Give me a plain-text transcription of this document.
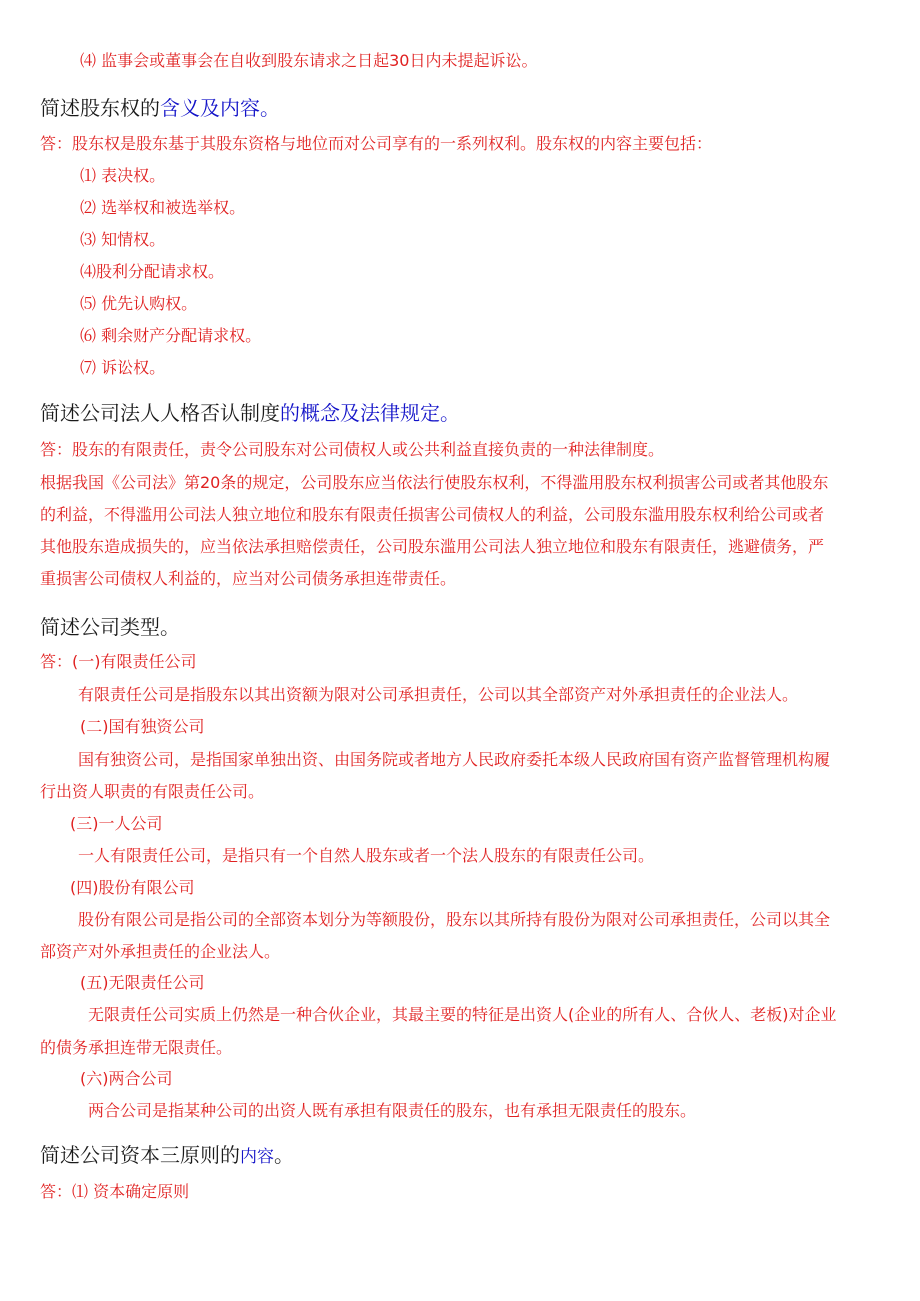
⑷ 监事会或董事会在自收到股东请求之日起30日内未提起诉讼。
简述股东权的含义及内容。
答：股东权是股东基于其股东资格与地位而对公司享有的一系列权利。股东权的内容主要包括：
⑴ 表决权。
⑵ 选举权和被选举权。
⑶ 知情权。
⑷股利分配请求权。
⑸ 优先认购权。
⑹ 剩余财产分配请求权。
⑺ 诉讼权。
简述公司法人人格否认制度的概念及法律规定。
答：股东的有限责任，责令公司股东对公司债权人或公共利益直接负责的一种法律制度。
根据我国《公司法》第20条的规定，公司股东应当依法行使股东权利，不得滥用股东权利损害公司或者其他股东
的利益，不得滥用公司法人独立地位和股东有限责任损害公司债权人的利益，公司股东滥用股东权利给公司或者
其他股东造成损失的，应当依法承担赔偿责任，公司股东滥用公司法人独立地位和股东有限责任，逃避债务，严
重损害公司债权人利益的，应当对公司债务承担连带责任。
简述公司类型。
答：(一)有限责任公司
有限责任公司是指股东以其出资额为限对公司承担责任，公司以其全部资产对外承担责任的企业法人。
(二)国有独资公司
国有独资公司，是指国家单独出资、由国务院或者地方人民政府委托本级人民政府国有资产监督管理机构履
行出资人职责的有限责任公司。
(三)一人公司
一人有限责任公司，是指只有一个自然人股东或者一个法人股东的有限责任公司。
(四)股份有限公司
股份有限公司是指公司的全部资本划分为等额股份，股东以其所持有股份为限对公司承担责任，公司以其全
部资产对外承担责任的企业法人。
(五)无限责任公司
无限责任公司实质上仍然是一种合伙企业，其最主要的特征是出资人(企业的所有人、合伙人、老板)对企业
的债务承担连带无限责任。
(六)两合公司
两合公司是指某种公司的出资人既有承担有限责任的股东，也有承担无限责任的股东。
简述公司资本三原则的内容。
答：⑴ 资本确定原则
